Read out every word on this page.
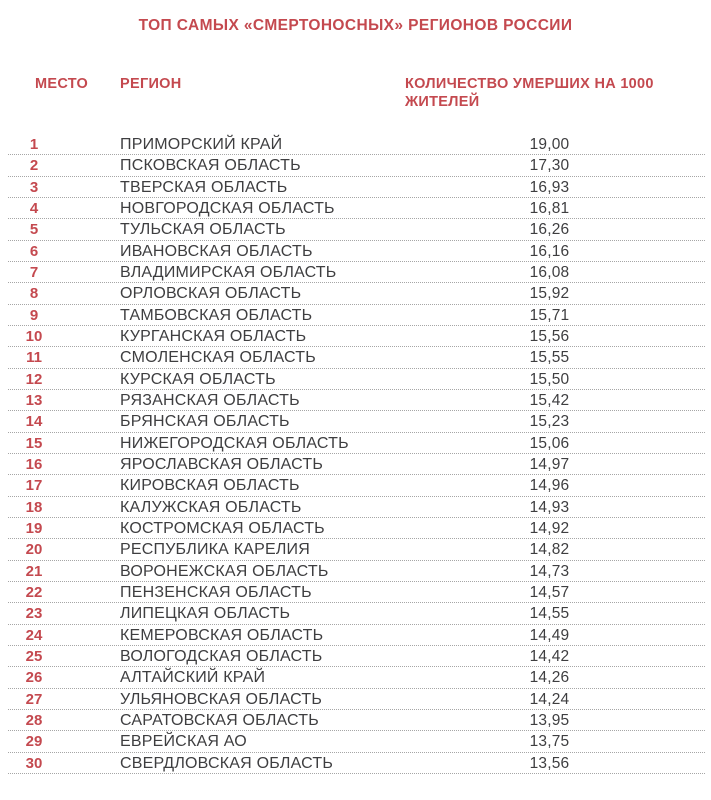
ТОП САМЫХ «СМЕРТОНОСНЫХ» РЕГИОНОВ РОССИИ
МЕСТО	РЕГИОН	КОЛИЧЕСТВО УМЕРШИХ НА 1000 ЖИТЕЛЕЙ
1	ПРИМОРСКИЙ КРАЙ	19,00
2	ПСКОВСКАЯ ОБЛАСТЬ	17,30
3	ТВЕРСКАЯ ОБЛАСТЬ	16,93
4	НОВГОРОДСКАЯ ОБЛАСТЬ	16,81
5	ТУЛЬСКАЯ ОБЛАСТЬ	16,26
6	ИВАНОВСКАЯ ОБЛАСТЬ	16,16
7	ВЛАДИМИРСКАЯ ОБЛАСТЬ	16,08
8	ОРЛОВСКАЯ ОБЛАСТЬ	15,92
9	ТАМБОВСКАЯ ОБЛАСТЬ	15,71
10	КУРГАНСКАЯ ОБЛАСТЬ	15,56
11	СМОЛЕНСКАЯ ОБЛАСТЬ	15,55
12	КУРСКАЯ ОБЛАСТЬ	15,50
13	РЯЗАНСКАЯ ОБЛАСТЬ	15,42
14	БРЯНСКАЯ ОБЛАСТЬ	15,23
15	НИЖЕГОРОДСКАЯ ОБЛАСТЬ	15,06
16	ЯРОСЛАВСКАЯ ОБЛАСТЬ	14,97
17	КИРОВСКАЯ ОБЛАСТЬ	14,96
18	КАЛУЖСКАЯ ОБЛАСТЬ	14,93
19	КОСТРОМСКАЯ ОБЛАСТЬ	14,92
20	РЕСПУБЛИКА КАРЕЛИЯ	14,82
21	ВОРОНЕЖСКАЯ ОБЛАСТЬ	14,73
22	ПЕНЗЕНСКАЯ ОБЛАСТЬ	14,57
23	ЛИПЕЦКАЯ ОБЛАСТЬ	14,55
24	КЕМЕРОВСКАЯ ОБЛАСТЬ	14,49
25	ВОЛОГОДСКАЯ ОБЛАСТЬ	14,42
26	АЛТАЙСКИЙ КРАЙ	14,26
27	УЛЬЯНОВСКАЯ ОБЛАСТЬ	14,24
28	САРАТОВСКАЯ ОБЛАСТЬ	13,95
29	ЕВРЕЙСКАЯ АО	13,75
30	СВЕРДЛОВСКАЯ ОБЛАСТЬ	13,56
